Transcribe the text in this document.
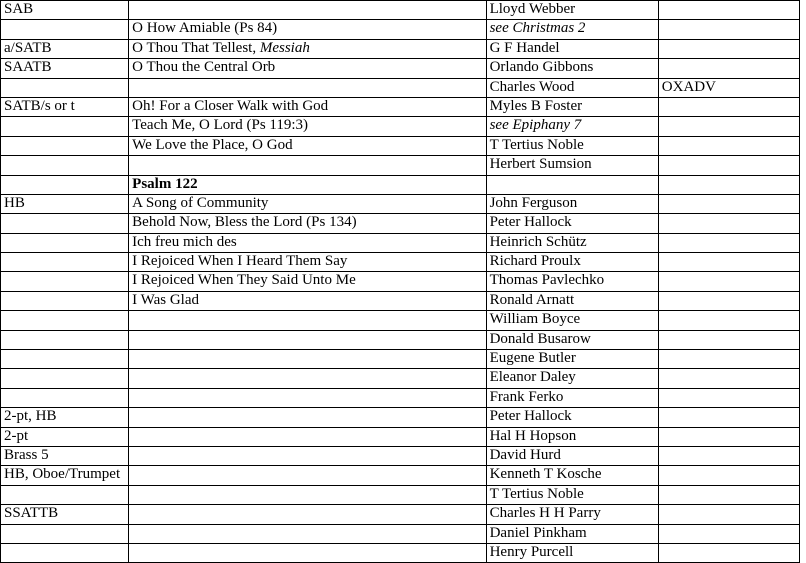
SAB		Lloyd Webber	
	O How Amiable (Ps 84)	see Christmas 2	
a/SATB	O Thou That Tellest, Messiah	G F Handel	
SAATB	O Thou the Central Orb	Orlando Gibbons	
		Charles Wood	OXADV
SATB/s or t	Oh! For a Closer Walk with God	Myles B Foster	
	Teach Me, O Lord (Ps 119:3)	see Epiphany 7	
	We Love the Place, O God	T Tertius Noble	
		Herbert Sumsion	
	Psalm 122		
HB	A Song of Community	John Ferguson	
	Behold Now, Bless the Lord (Ps 134)	Peter Hallock	
	Ich freu mich des	Heinrich Schütz	
	I Rejoiced When I Heard Them Say	Richard Proulx	
	I Rejoiced When They Said Unto Me	Thomas Pavlechko	
	I Was Glad	Ronald Arnatt	
		William Boyce	
		Donald Busarow	
		Eugene Butler	
		Eleanor Daley	
		Frank Ferko	
2-pt, HB		Peter Hallock	
2-pt		Hal H Hopson	
Brass 5		David Hurd	
HB, Oboe/Trumpet		Kenneth T Kosche	
		T Tertius Noble	
SSATTB		Charles H H Parry	
		Daniel Pinkham	
		Henry Purcell	
